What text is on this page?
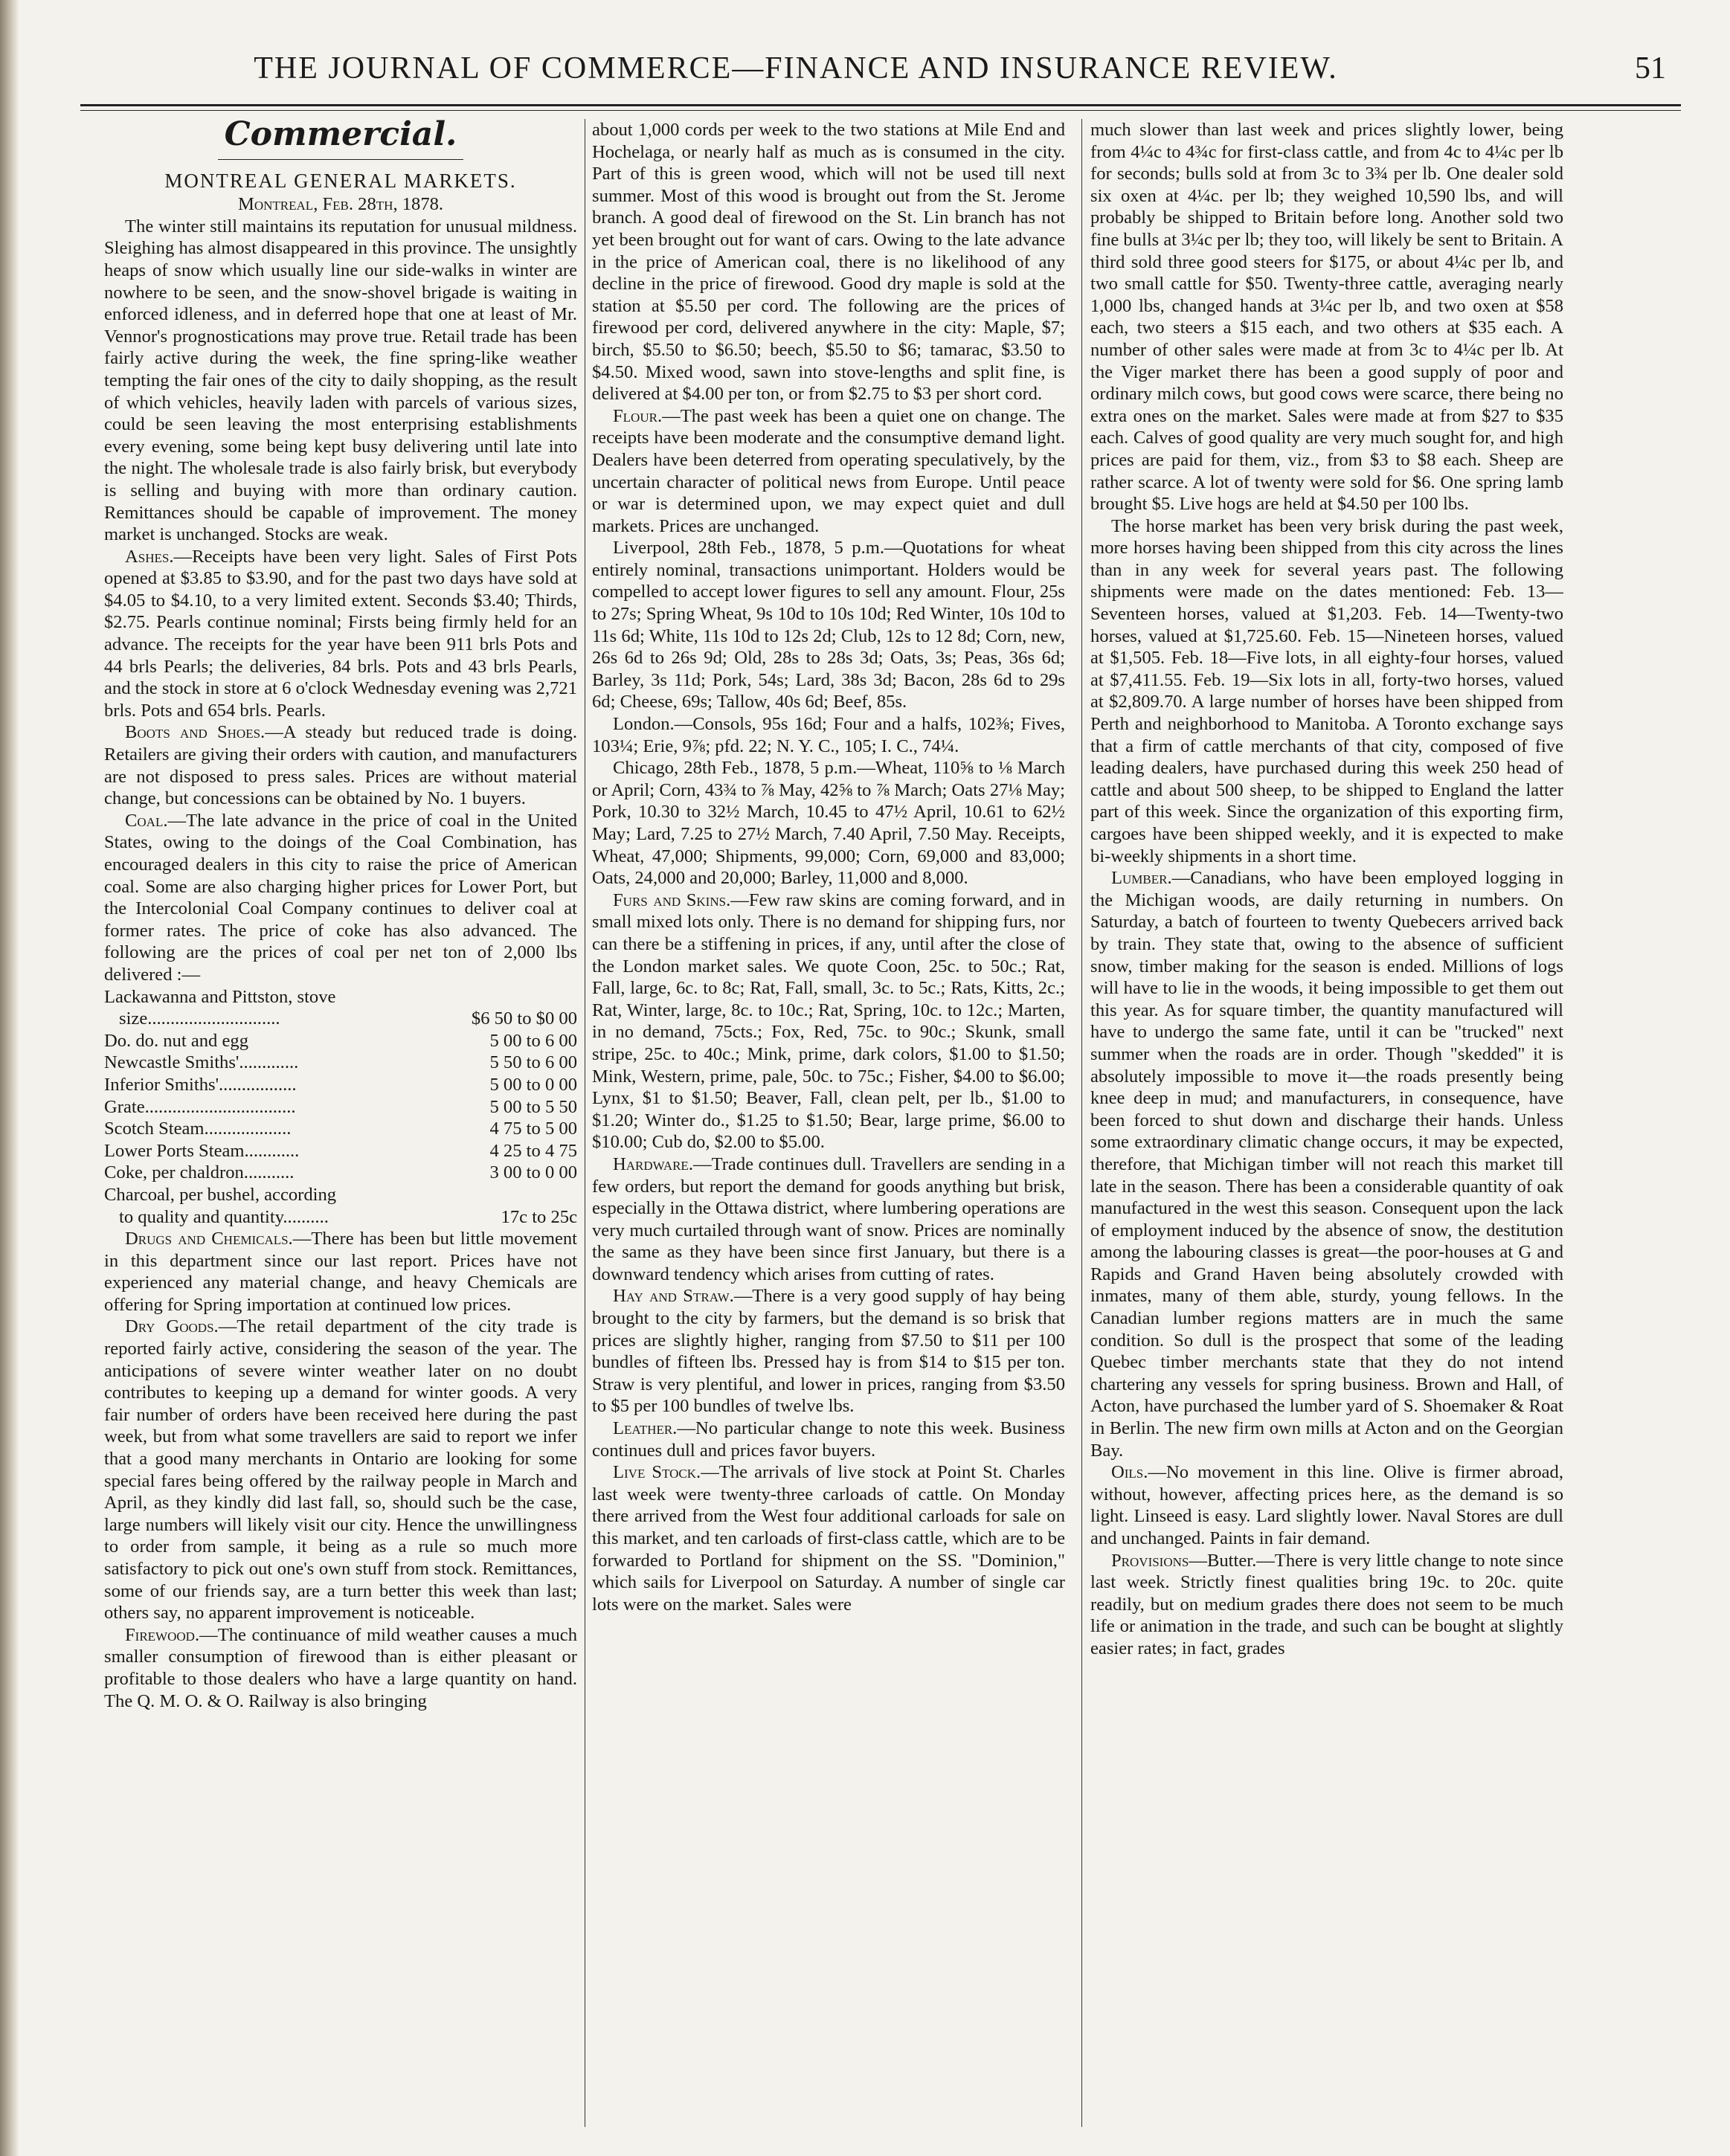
THE JOURNAL OF COMMERCE—FINANCE AND INSURANCE REVIEW.	51

Commercial.

MONTREAL GENERAL MARKETS.

Montreal, Feb. 28th, 1878.

The winter still maintains its reputation for unusual mildness. Sleighing has almost disappeared in this province. The unsightly heaps of snow which usually line our side-walks in winter are nowhere to be seen, and the snow-shovel brigade is waiting in enforced idleness, and in deferred hope that one at least of Mr. Vennor's prognostications may prove true. Retail trade has been fairly active during the week, the fine spring-like weather tempting the fair ones of the city to daily shopping, as the result of which vehicles, heavily laden with parcels of various sizes, could be seen leaving the most enterprising establishments every evening, some being kept busy delivering until late into the night. The wholesale trade is also fairly brisk, but everybody is selling and buying with more than ordinary caution. Remittances should be capable of improvement. The money market is unchanged. Stocks are weak.

Ashes.—Receipts have been very light. Sales of First Pots opened at $3.85 to $3.90, and for the past two days have sold at $4.05 to $4.10, to a very limited extent. Seconds $3.40; Thirds, $2.75. Pearls continue nominal; Firsts being firmly held for an advance. The receipts for the year have been 911 brls Pots and 44 brls Pearls; the deliveries, 84 brls. Pots and 43 brls Pearls, and the stock in store at 6 o'clock Wednesday evening was 2,721 brls. Pots and 654 brls. Pearls.

Boots and Shoes.—A steady but reduced trade is doing. Retailers are giving their orders with caution, and manufacturers are not disposed to press sales. Prices are without material change, but concessions can be obtained by No. 1 buyers.

Coal.—The late advance in the price of coal in the United States, owing to the doings of the Coal Combination, has encouraged dealers in this city to raise the price of American coal. Some are also charging higher prices for Lower Port, but the Intercolonial Coal Company continues to deliver coal at former rates. The price of coke has also advanced. The following are the prices of coal per net ton of 2,000 lbs delivered :—

Lackawanna and Pittston, stove	
size.............................	$6 50 to $0 00
Do. do. nut and egg	5 00 to 6 00
Newcastle Smiths'.............	5 50 to 6 00
Inferior Smiths'.................	5 00 to 0 00
Grate.................................	5 00 to 5 50
Scotch Steam...................	4 75 to 5 00
Lower Ports Steam............	4 25 to 4 75
Coke, per chaldron...........	3 00 to 0 00
Charcoal, per bushel, according	
to quality and quantity..........	17c to 25c

Drugs and Chemicals.—There has been but little movement in this department since our last report. Prices have not experienced any material change, and heavy Chemicals are offering for Spring importation at continued low prices.

Dry Goods.—The retail department of the city trade is reported fairly active, considering the season of the year. The anticipations of severe winter weather later on no doubt contributes to keeping up a demand for winter goods. A very fair number of orders have been received here during the past week, but from what some travellers are said to report we infer that a good many merchants in Ontario are looking for some special fares being offered by the railway people in March and April, as they kindly did last fall, so, should such be the case, large numbers will likely visit our city. Hence the unwillingness to order from sample, it being as a rule so much more satisfactory to pick out one's own stuff from stock. Remittances, some of our friends say, are a turn better this week than last; others say, no apparent improvement is noticeable.

Firewood.—The continuance of mild weather causes a much smaller consumption of firewood than is either pleasant or profitable to those dealers who have a large quantity on hand. The Q. M. O. & O. Railway is also bringing

about 1,000 cords per week to the two stations at Mile End and Hochelaga, or nearly half as much as is consumed in the city. Part of this is green wood, which will not be used till next summer. Most of this wood is brought out from the St. Jerome branch. A good deal of firewood on the St. Lin branch has not yet been brought out for want of cars. Owing to the late advance in the price of American coal, there is no likelihood of any decline in the price of firewood. Good dry maple is sold at the station at $5.50 per cord. The following are the prices of firewood per cord, delivered anywhere in the city: Maple, $7; birch, $5.50 to $6.50; beech, $5.50 to $6; tamarac, $3.50 to $4.50. Mixed wood, sawn into stove-lengths and split fine, is delivered at $4.00 per ton, or from $2.75 to $3 per short cord.

Flour.—The past week has been a quiet one on change. The receipts have been moderate and the consumptive demand light. Dealers have been deterred from operating speculatively, by the uncertain character of political news from Europe. Until peace or war is determined upon, we may expect quiet and dull markets. Prices are unchanged.

Liverpool, 28th Feb., 1878, 5 p.m.—Quotations for wheat entirely nominal, transactions unimportant. Holders would be compelled to accept lower figures to sell any amount. Flour, 25s to 27s; Spring Wheat, 9s 10d to 10s 10d; Red Winter, 10s 10d to 11s 6d; White, 11s 10d to 12s 2d; Club, 12s to 12 8d; Corn, new, 26s 6d to 26s 9d; Old, 28s to 28s 3d; Oats, 3s; Peas, 36s 6d; Barley, 3s 11d; Pork, 54s; Lard, 38s 3d; Bacon, 28s 6d to 29s 6d; Cheese, 69s; Tallow, 40s 6d; Beef, 85s.

London.—Consols, 95s 16d; Four and a halfs, 102⅜; Fives, 103¼; Erie, 9⅞; pfd. 22; N. Y. C., 105; I. C., 74¼.

Chicago, 28th Feb., 1878, 5 p.m.—Wheat, 110⅝ to ⅛ March or April; Corn, 43¾ to ⅞ May, 42⅝ to ⅞ March; Oats 27⅛ May; Pork, 10.30 to 32½ March, 10.45 to 47½ April, 10.61 to 62½ May; Lard, 7.25 to 27½ March, 7.40 April, 7.50 May. Receipts, Wheat, 47,000; Shipments, 99,000; Corn, 69,000 and 83,000; Oats, 24,000 and 20,000; Barley, 11,000 and 8,000.

Furs and Skins.—Few raw skins are coming forward, and in small mixed lots only. There is no demand for shipping furs, nor can there be a stiffening in prices, if any, until after the close of the London market sales. We quote Coon, 25c. to 50c.; Rat, Fall, large, 6c. to 8c; Rat, Fall, small, 3c. to 5c.; Rats, Kitts, 2c.; Rat, Winter, large, 8c. to 10c.; Rat, Spring, 10c. to 12c.; Marten, in no demand, 75cts.; Fox, Red, 75c. to 90c.; Skunk, small stripe, 25c. to 40c.; Mink, prime, dark colors, $1.00 to $1.50; Mink, Western, prime, pale, 50c. to 75c.; Fisher, $4.00 to $6.00; Lynx, $1 to $1.50; Beaver, Fall, clean pelt, per lb., $1.00 to $1.20; Winter do., $1.25 to $1.50; Bear, large prime, $6.00 to $10.00; Cub do, $2.00 to $5.00.

Hardware.—Trade continues dull. Travellers are sending in a few orders, but report the demand for goods anything but brisk, especially in the Ottawa district, where lumbering operations are very much curtailed through want of snow. Prices are nominally the same as they have been since first January, but there is a downward tendency which arises from cutting of rates.

Hay and Straw.—There is a very good supply of hay being brought to the city by farmers, but the demand is so brisk that prices are slightly higher, ranging from $7.50 to $11 per 100 bundles of fifteen lbs. Pressed hay is from $14 to $15 per ton. Straw is very plentiful, and lower in prices, ranging from $3.50 to $5 per 100 bundles of twelve lbs.

Leather.—No particular change to note this week. Business continues dull and prices favor buyers.

Live Stock.—The arrivals of live stock at Point St. Charles last week were twenty-three carloads of cattle. On Monday there arrived from the West four additional carloads for sale on this market, and ten carloads of first-class cattle, which are to be forwarded to Portland for shipment on the SS. "Dominion," which sails for Liverpool on Saturday. A number of single car lots were on the market. Sales were

much slower than last week and prices slightly lower, being from 4¼c to 4¾c for first-class cattle, and from 4c to 4¼c per lb for seconds; bulls sold at from 3c to 3¾ per lb. One dealer sold six oxen at 4¼c. per lb; they weighed 10,590 lbs, and will probably be shipped to Britain before long. Another sold two fine bulls at 3¼c per lb; they too, will likely be sent to Britain. A third sold three good steers for $175, or about 4¼c per lb, and two small cattle for $50. Twenty-three cattle, averaging nearly 1,000 lbs, changed hands at 3¼c per lb, and two oxen at $58 each, two steers a $15 each, and two others at $35 each. A number of other sales were made at from 3c to 4¼c per lb. At the Viger market there has been a good supply of poor and ordinary milch cows, but good cows were scarce, there being no extra ones on the market. Sales were made at from $27 to $35 each. Calves of good quality are very much sought for, and high prices are paid for them, viz., from $3 to $8 each. Sheep are rather scarce. A lot of twenty were sold for $6. One spring lamb brought $5. Live hogs are held at $4.50 per 100 lbs.

The horse market has been very brisk during the past week, more horses having been shipped from this city across the lines than in any week for several years past. The following shipments were made on the dates mentioned: Feb. 13—Seventeen horses, valued at $1,203. Feb. 14—Twenty-two horses, valued at $1,725.60. Feb. 15—Nineteen horses, valued at $1,505. Feb. 18—Five lots, in all eighty-four horses, valued at $7,411.55. Feb. 19—Six lots in all, forty-two horses, valued at $2,809.70. A large number of horses have been shipped from Perth and neighborhood to Manitoba. A Toronto exchange says that a firm of cattle merchants of that city, composed of five leading dealers, have purchased during this week 250 head of cattle and about 500 sheep, to be shipped to England the latter part of this week. Since the organization of this exporting firm, cargoes have been shipped weekly, and it is expected to make bi-weekly shipments in a short time.

Lumber.—Canadians, who have been employed logging in the Michigan woods, are daily returning in numbers. On Saturday, a batch of fourteen to twenty Quebecers arrived back by train. They state that, owing to the absence of sufficient snow, timber making for the season is ended. Millions of logs will have to lie in the woods, it being impossible to get them out this year. As for square timber, the quantity manufactured will have to undergo the same fate, until it can be "trucked" next summer when the roads are in order. Though "skedded" it is absolutely impossible to move it—the roads presently being knee deep in mud; and manufacturers, in consequence, have been forced to shut down and discharge their hands. Unless some extraordinary climatic change occurs, it may be expected, therefore, that Michigan timber will not reach this market till late in the season. There has been a considerable quantity of oak manufactured in the west this season. Consequent upon the lack of employment induced by the absence of snow, the destitution among the labouring classes is great—the poor-houses at G and Rapids and Grand Haven being absolutely crowded with inmates, many of them able, sturdy, young fellows. In the Canadian lumber regions matters are in much the same condition. So dull is the prospect that some of the leading Quebec timber merchants state that they do not intend chartering any vessels for spring business. Brown and Hall, of Acton, have purchased the lumber yard of S. Shoemaker & Roat in Berlin. The new firm own mills at Acton and on the Georgian Bay.

Oils.—No movement in this line. Olive is firmer abroad, without, however, affecting prices here, as the demand is so light. Linseed is easy. Lard slightly lower. Naval Stores are dull and unchanged. Paints in fair demand.

Provisions—Butter.—There is very little change to note since last week. Strictly finest qualities bring 19c. to 20c. quite readily, but on medium grades there does not seem to be much life or animation in the trade, and such can be bought at slightly easier rates; in fact, grades
